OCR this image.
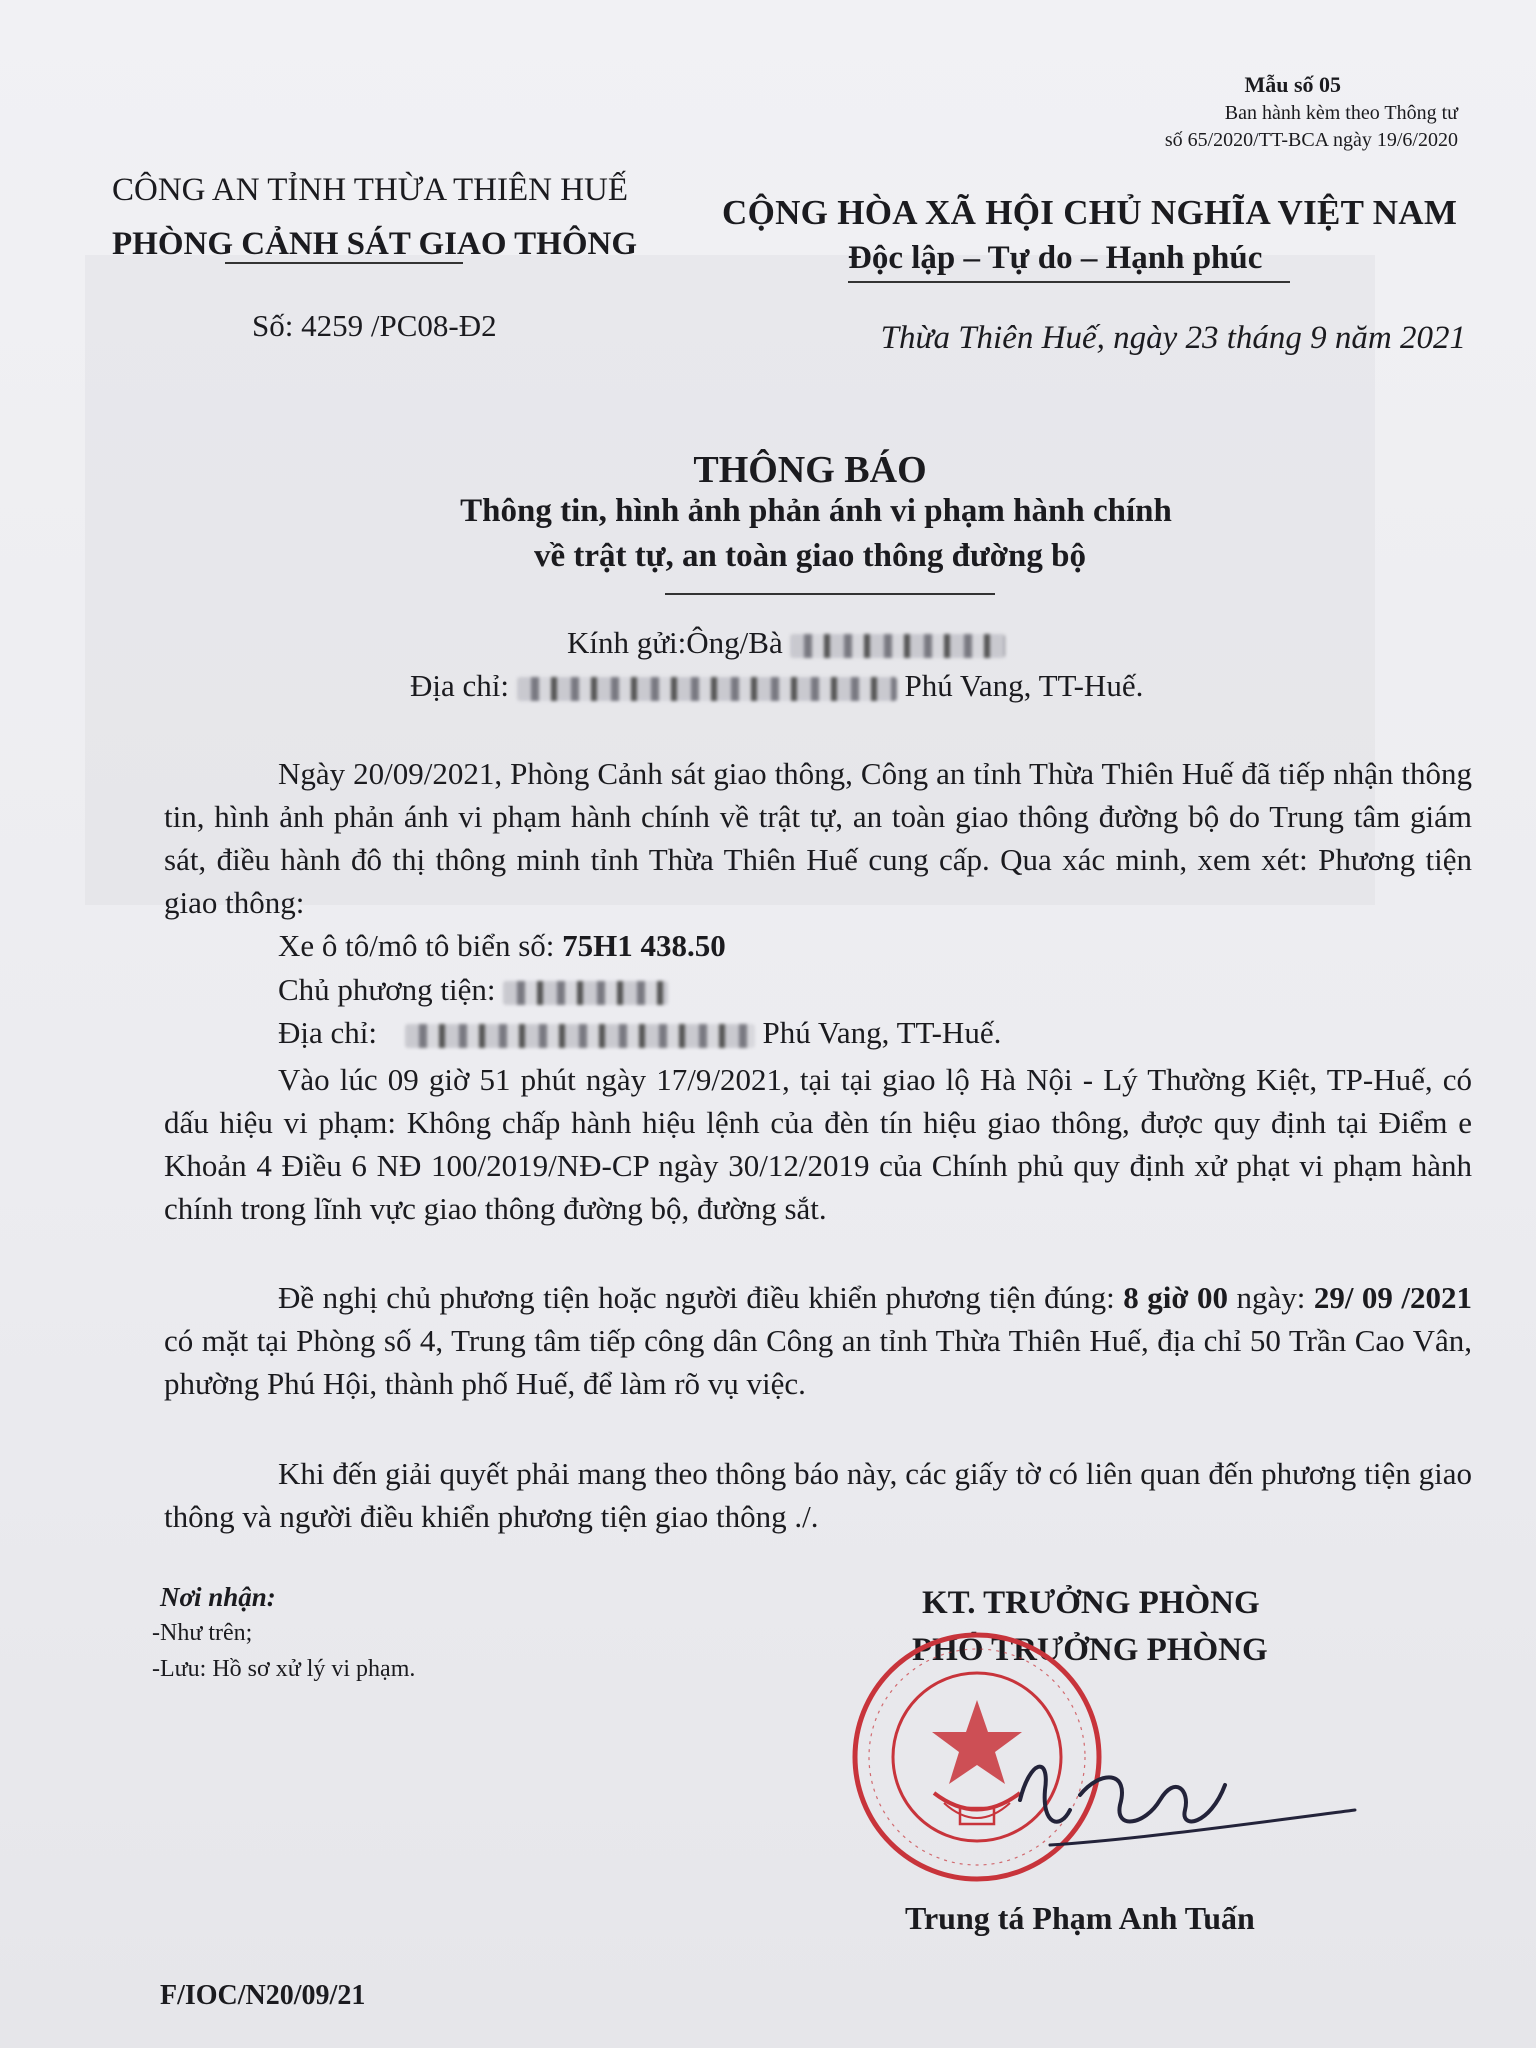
Mẫu số 05
Ban hành kèm theo Thông tư
số 65/2020/TT-BCA ngày 19/6/2020
CÔNG AN TỈNH THỪA THIÊN HUẾ
PHÒNG CẢNH SÁT GIAO THÔNG
Số: 4259 /PC08-Đ2
CỘNG HÒA XÃ HỘI CHỦ NGHĨA VIỆT NAM
Độc lập – Tự do – Hạnh phúc
Thừa Thiên Huế, ngày 23 tháng 9 năm 2021
THÔNG BÁO
Thông tin, hình ảnh phản ánh vi phạm hành chính
về trật tự, an toàn giao thông đường bộ
Kính gửi:Ông/Bà
Địa chỉ:	Phú Vang, TT-Huế.
Ngày 20/09/2021, Phòng Cảnh sát giao thông, Công an tỉnh Thừa Thiên Huế đã tiếp nhận thông tin, hình ảnh phản ánh vi phạm hành chính về trật tự, an toàn giao thông đường bộ do Trung tâm giám sát, điều hành đô thị thông minh tỉnh Thừa Thiên Huế cung cấp. Qua xác minh, xem xét: Phương tiện giao thông:
Xe ô tô/mô tô biển số: 75H1 438.50
Chủ phương tiện:
Địa chỉ:	Phú Vang, TT-Huế.
Vào lúc 09 giờ 51 phút ngày 17/9/2021, tại tại giao lộ Hà Nội - Lý Thường Kiệt, TP-Huế, có dấu hiệu vi phạm: Không chấp hành hiệu lệnh của đèn tín hiệu giao thông, được quy định tại Điểm e Khoản 4 Điều 6 NĐ 100/2019/NĐ-CP ngày 30/12/2019 của Chính phủ quy định xử phạt vi phạm hành chính trong lĩnh vực giao thông đường bộ, đường sắt.
Đề nghị chủ phương tiện hoặc người điều khiển phương tiện đúng: 8 giờ 00 ngày: 29/ 09 /2021 có mặt tại Phòng số 4, Trung tâm tiếp công dân Công an tỉnh Thừa Thiên Huế, địa chỉ 50 Trần Cao Vân, phường Phú Hội, thành phố Huế, để làm rõ vụ việc.
Khi đến giải quyết phải mang theo thông báo này, các giấy tờ có liên quan đến phương tiện giao thông và người điều khiển phương tiện giao thông ./.
Nơi nhận:
-Như trên;
-Lưu: Hồ sơ xử lý vi phạm.
KT. TRƯỞNG PHÒNG
PHÓ TRƯỞNG PHÒNG
Trung tá Phạm Anh Tuấn
F/IOC/N20/09/21
